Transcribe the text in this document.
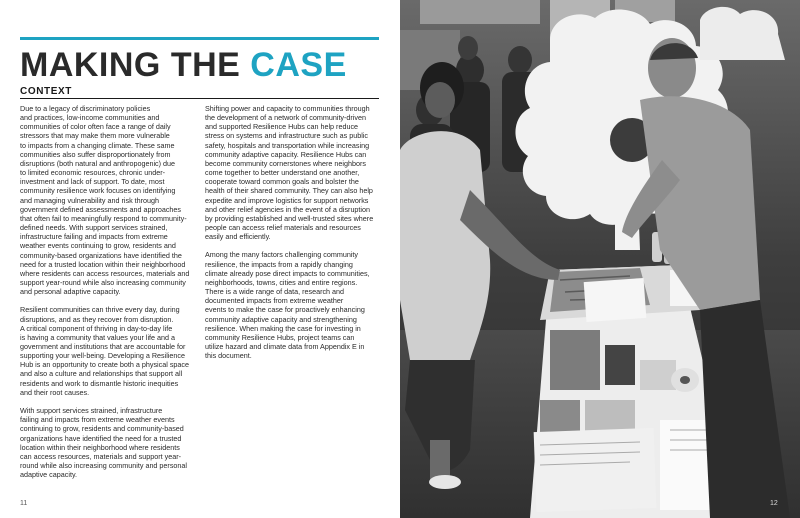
MAKING THE CASE
CONTEXT

Due to a legacy of discriminatory policies
and practices, low-income communities and
communities of color often face a range of daily
stressors that may make them more vulnerable
to impacts from a changing climate. These same
communities also suffer disproportionately from
disruptions (both natural and anthropogenic) due
to limited economic resources, chronic under-
investment and lack of support. To date, most
community resilience work focuses on identifying
and managing vulnerability and risk through
government defined assessments and approaches
that often fail to meaningfully respond to community-
defined needs. With support services strained,
infrastructure failing and impacts from extreme
weather events continuing to grow, residents and
community-based organizations have identified the
need for a trusted location within their neighborhood
where residents can access resources, materials and
support year-round while also increasing community
and personal adaptive capacity.

Resilient communities can thrive every day, during
disruptions, and as they recover from disruption.
A critical component of thriving in day-to-day life
is having a community that values your life and a
government and institutions that are accountable for
supporting your well-being. Developing a Resilience
Hub is an opportunity to create both a physical space
and also a culture and relationships that support all
residents and work to dismantle historic inequities
and their root causes.

With support services strained, infrastructure
failing and impacts from extreme weather events
continuing to grow, residents and community-based
organizations have identified the need for a trusted
location within their neighborhood where residents
can access resources, materials and support year-
round while also increasing community and personal
adaptive capacity.

Shifting power and capacity to communities through
the development of a network of community-driven
and supported Resilience Hubs can help reduce
stress on systems and infrastructure such as public
safety, hospitals and transportation while increasing
community adaptive capacity. Resilience Hubs can
become community cornerstones where neighbors
come together to better understand one another,
cooperate toward common goals and bolster the
health of their shared community. They can also help
expedite and improve logistics for support networks
and other relief agencies in the event of a disruption
by providing established and well-trusted sites where
people can access relief materials and resources
easily and efficiently.

Among the many factors challenging community
resilience, the impacts from a rapidly changing
climate already pose direct impacts to communities,
neighborhoods, towns, cities and entire regions.
There is a wide range of data, research and
documented impacts from extreme weather
events to make the case for proactively enhancing
community adaptive capacity and strengthening
resilience. When making the case for investing in
community Resilience Hubs, project teams can
utilize hazard and climate data from Appendix E in
this document.

11	12
